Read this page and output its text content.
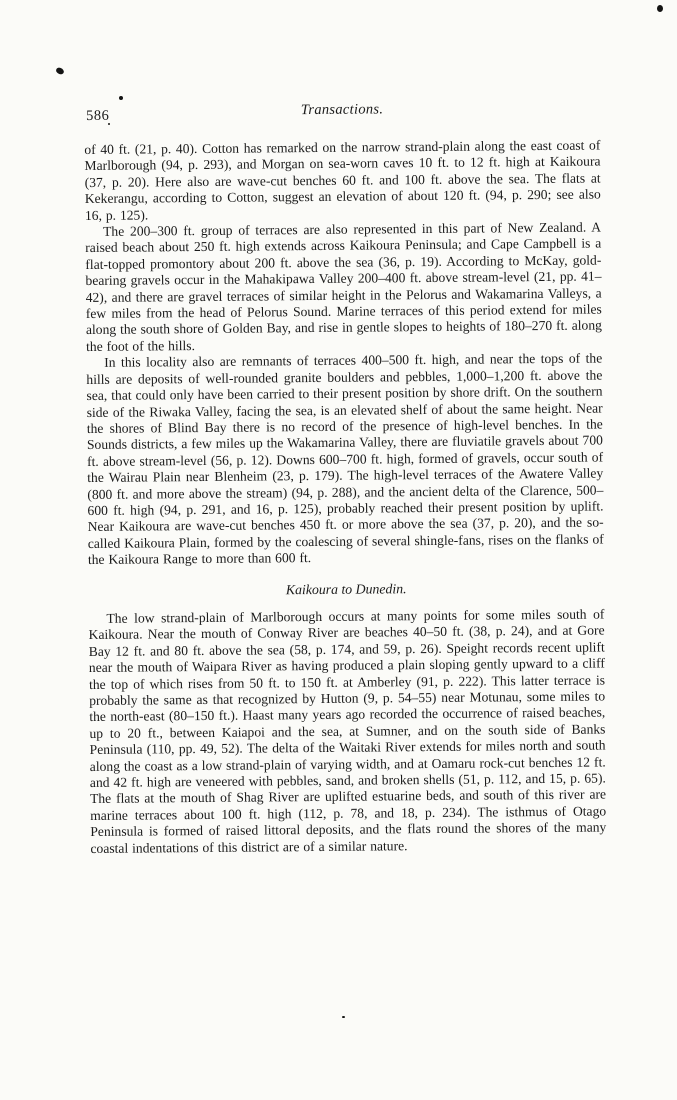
586	Transactions.

of 40 ft. (21, p. 40). Cotton has remarked on the narrow strand-plain along the east coast of Marlborough (94, p. 293), and Morgan on sea-worn caves 10 ft. to 12 ft. high at Kaikoura (37, p. 20). Here also are wave-cut benches 60 ft. and 100 ft. above the sea. The flats at Kekerangu, according to Cotton, suggest an elevation of about 120 ft. (94, p. 290; see also 16, p. 125).

The 200–300 ft. group of terraces are also represented in this part of New Zealand. A raised beach about 250 ft. high extends across Kaikoura Peninsula; and Cape Campbell is a flat-topped promontory about 200 ft. above the sea (36, p. 19). According to McKay, gold-bearing gravels occur in the Mahakipawa Valley 200–400 ft. above stream-level (21, pp. 41–42), and there are gravel terraces of similar height in the Pelorus and Wakamarina Valleys, a few miles from the head of Pelorus Sound. Marine terraces of this period extend for miles along the south shore of Golden Bay, and rise in gentle slopes to heights of 180–270 ft. along the foot of the hills.

In this locality also are remnants of terraces 400–500 ft. high, and near the tops of the hills are deposits of well-rounded granite boulders and pebbles, 1,000–1,200 ft. above the sea, that could only have been carried to their present position by shore drift. On the southern side of the Riwaka Valley, facing the sea, is an elevated shelf of about the same height. Near the shores of Blind Bay there is no record of the presence of high-level benches. In the Sounds districts, a few miles up the Wakamarina Valley, there are fluviatile gravels about 700 ft. above stream-level (56, p. 12). Downs 600–700 ft. high, formed of gravels, occur south of the Wairau Plain near Blenheim (23, p. 179). The high-level terraces of the Awatere Valley (800 ft. and more above the stream) (94, p. 288), and the ancient delta of the Clarence, 500–600 ft. high (94, p. 291, and 16, p. 125), probably reached their present position by uplift. Near Kaikoura are wave-cut benches 450 ft. or more above the sea (37, p. 20), and the so-called Kaikoura Plain, formed by the coalescing of several shingle-fans, rises on the flanks of the Kaikoura Range to more than 600 ft.

Kaikoura to Dunedin.

The low strand-plain of Marlborough occurs at many points for some miles south of Kaikoura. Near the mouth of Conway River are beaches 40–50 ft. (38, p. 24), and at Gore Bay 12 ft. and 80 ft. above the sea (58, p. 174, and 59, p. 26). Speight records recent uplift near the mouth of Waipara River as having produced a plain sloping gently upward to a cliff the top of which rises from 50 ft. to 150 ft. at Amberley (91, p. 222). This latter terrace is probably the same as that recognized by Hutton (9, p. 54–55) near Motunau, some miles to the north-east (80–150 ft.). Haast many years ago recorded the occurrence of raised beaches, up to 20 ft., between Kaiapoi and the sea, at Sumner, and on the south side of Banks Peninsula (110, pp. 49, 52). The delta of the Waitaki River extends for miles north and south along the coast as a low strand-plain of varying width, and at Oamaru rock-cut benches 12 ft. and 42 ft. high are veneered with pebbles, sand, and broken shells (51, p. 112, and 15, p. 65). The flats at the mouth of Shag River are uplifted estuarine beds, and south of this river are marine terraces about 100 ft. high (112, p. 78, and 18, p. 234). The isthmus of Otago Peninsula is formed of raised littoral deposits, and the flats round the shores of the many coastal indentations of this district are of a similar nature.
